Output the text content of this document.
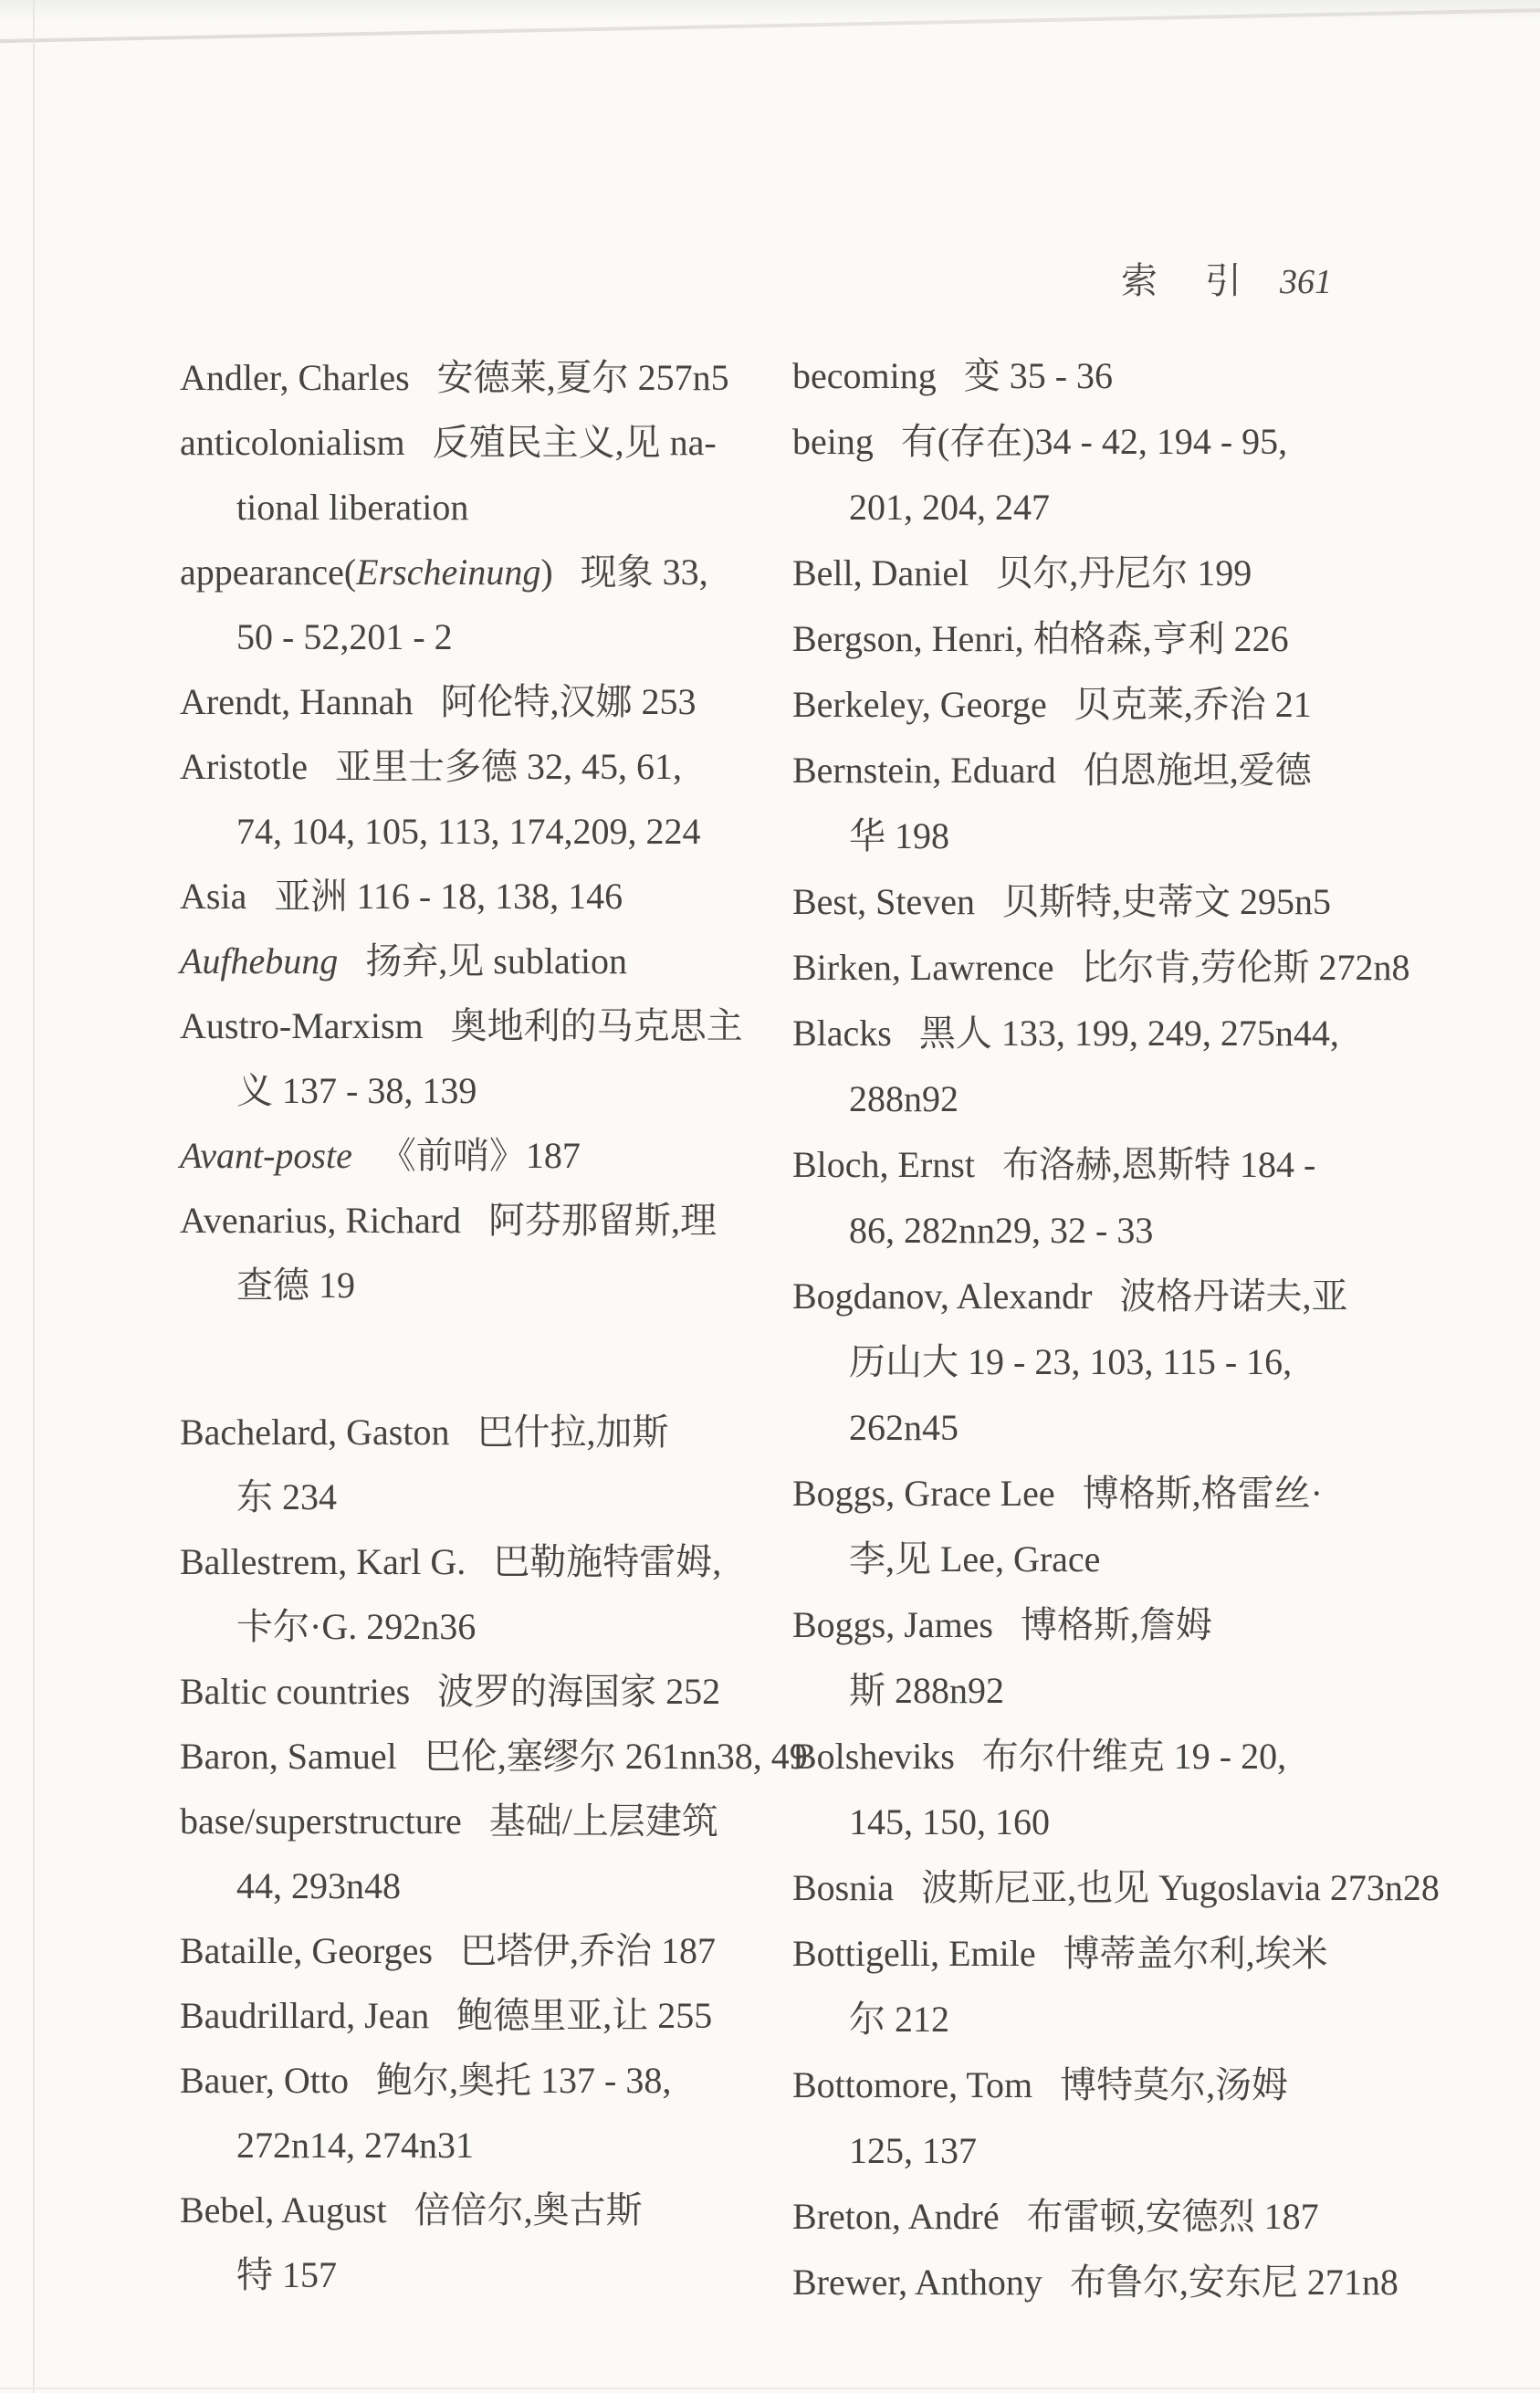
索 引 361

Andler, Charles   安德莱,夏尔 257n5
anticolonialism   反殖民主义,见 na-
tional liberation
appearance(Erscheinung)   现象 33,
50 - 52,201 - 2
Arendt, Hannah   阿伦特,汉娜 253
Aristotle   亚里士多德 32, 45, 61,
74, 104, 105, 113, 174,209, 224
Asia   亚洲 116 - 18, 138, 146
Aufhebung   扬弃,见 sublation
Austro-Marxism   奥地利的马克思主
义 137 - 38, 139
Avant-poste   《前哨》187
Avenarius, Richard   阿芬那留斯,理
查德 19
Bachelard, Gaston   巴什拉,加斯
东 234
Ballestrem, Karl G.   巴勒施特雷姆,
卡尔·G. 292n36
Baltic countries   波罗的海国家 252
Baron, Samuel   巴伦,塞缪尔 261nn38, 49
base/superstructure   基础/上层建筑
44, 293n48
Bataille, Georges   巴塔伊,乔治 187
Baudrillard, Jean   鲍德里亚,让 255
Bauer, Otto   鲍尔,奥托 137 - 38,
272n14, 274n31
Bebel, August   倍倍尔,奥古斯
特 157
becoming   变 35 - 36
being   有(存在)34 - 42, 194 - 95,
201, 204, 247
Bell, Daniel   贝尔,丹尼尔 199
Bergson, Henri, 柏格森,亨利 226
Berkeley, George   贝克莱,乔治 21
Bernstein, Eduard   伯恩施坦,爱德
华 198
Best, Steven   贝斯特,史蒂文 295n5
Birken, Lawrence   比尔肯,劳伦斯 272n8
Blacks   黑人 133, 199, 249, 275n44,
288n92
Bloch, Ernst   布洛赫,恩斯特 184 -
86, 282nn29, 32 - 33
Bogdanov, Alexandr   波格丹诺夫,亚
历山大 19 - 23, 103, 115 - 16,
262n45
Boggs, Grace Lee   博格斯,格雷丝·
李,见 Lee, Grace
Boggs, James   博格斯,詹姆
斯 288n92
Bolsheviks   布尔什维克 19 - 20,
145, 150, 160
Bosnia   波斯尼亚,也见 Yugoslavia 273n28
Bottigelli, Emile   博蒂盖尔利,埃米
尔 212
Bottomore, Tom   博特莫尔,汤姆
125, 137
Breton, André   布雷顿,安德烈 187
Brewer, Anthony   布鲁尔,安东尼 271n8
